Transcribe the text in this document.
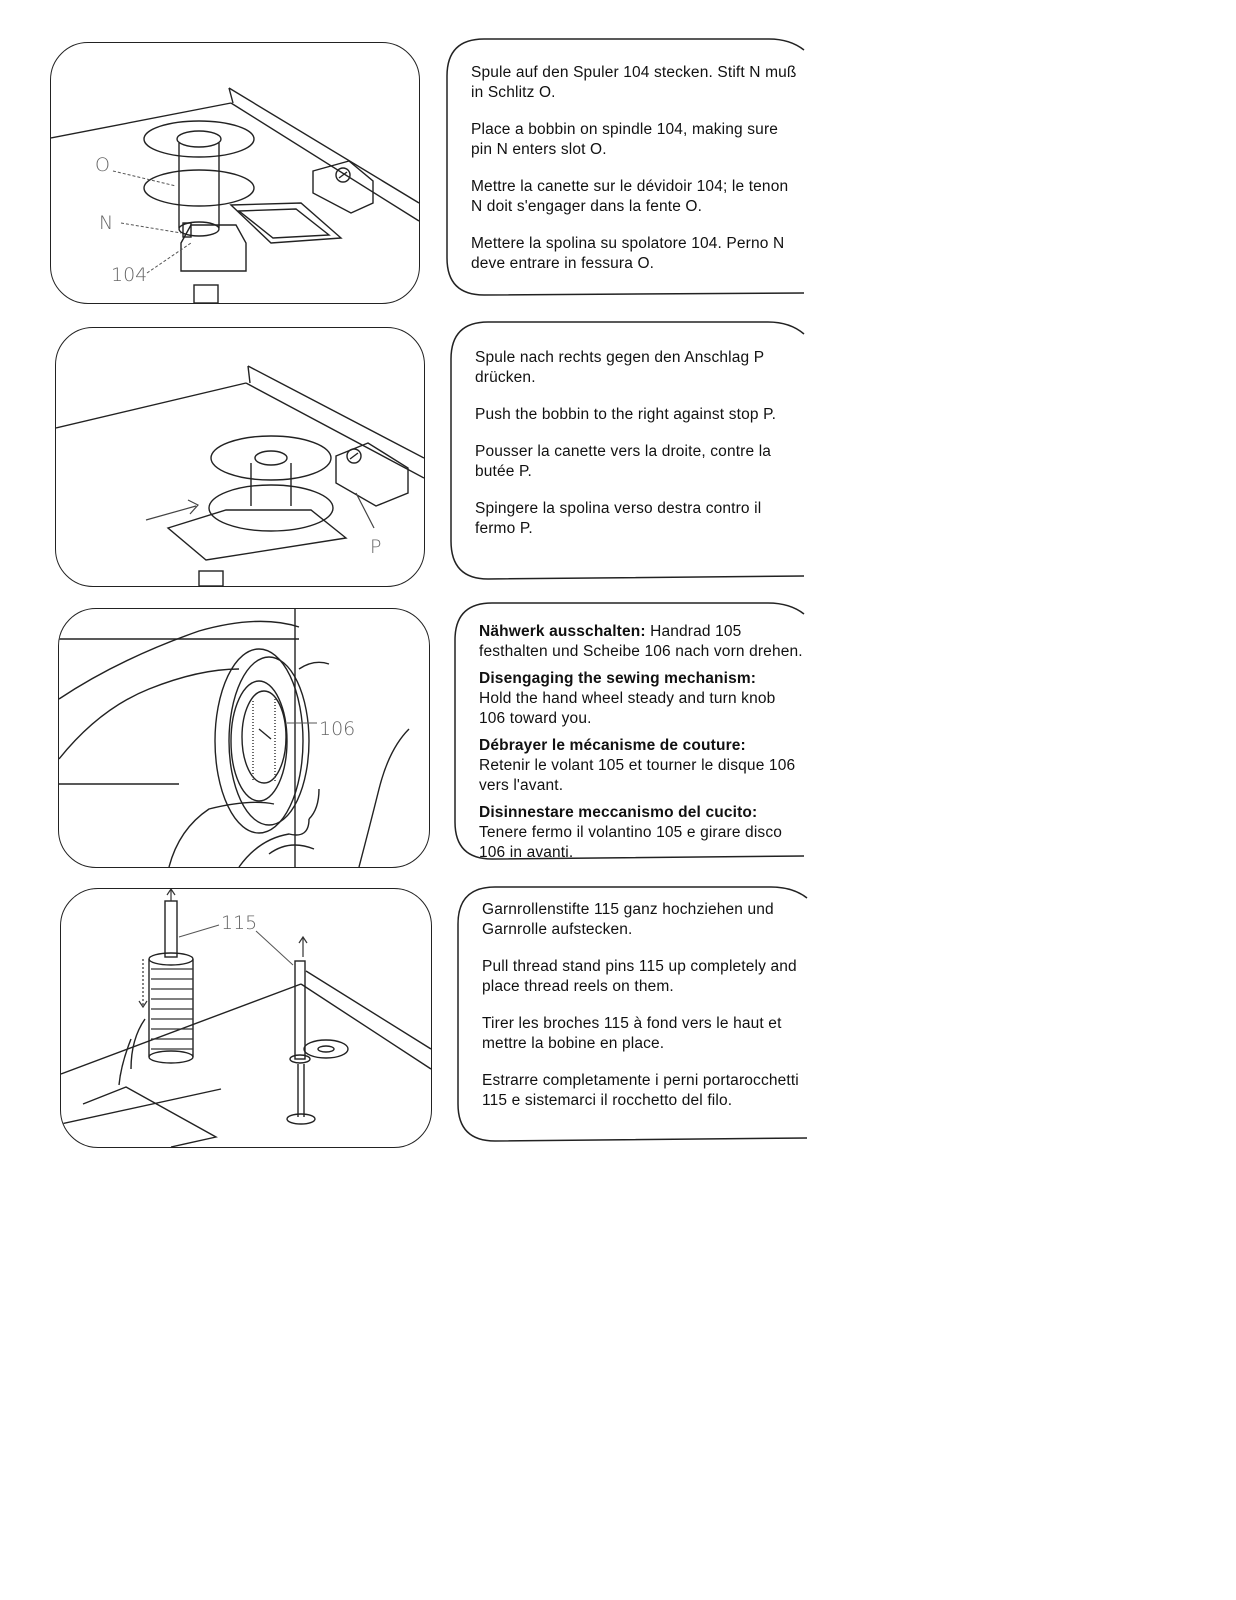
O
N
104

Spule auf den Spuler 104 stecken. Stift N muß in Schlitz O.

Place a bobbin on spindle 104, making sure pin N enters slot O.

Mettre la canette sur le dévidoir 104; le tenon N doit s'engager dans la fente O.

Mettere la spolina su spolatore 104. Perno N deve entrare in fessura O.

P

Spule nach rechts gegen den Anschlag P drücken.

Push the bobbin to the right against stop P.

Pousser la canette vers la droite, contre la butée P.

Spingere la spolina verso destra contro il fermo P.

106

Nähwerk ausschalten: Handrad 105 festhalten und Scheibe 106 nach vorn drehen.

Disengaging the sewing mechanism:
Hold the hand wheel steady and turn knob 106 toward you.

Débrayer le mécanisme de couture:
Retenir le volant 105 et tourner le disque 106 vers l'avant.

Disinnestare meccanismo del cucito:
Tenere fermo il volantino 105 e girare disco 106 in avanti.

115

Garnrollenstifte 115 ganz hochziehen und Garnrolle aufstecken.

Pull thread stand pins 115 up completely and place thread reels on them.

Tirer les broches 115 à fond vers le haut et mettre la bobine en place.

Estrarre completamente i perni portarocchetti 115 e sistemarci il rocchetto del filo.
